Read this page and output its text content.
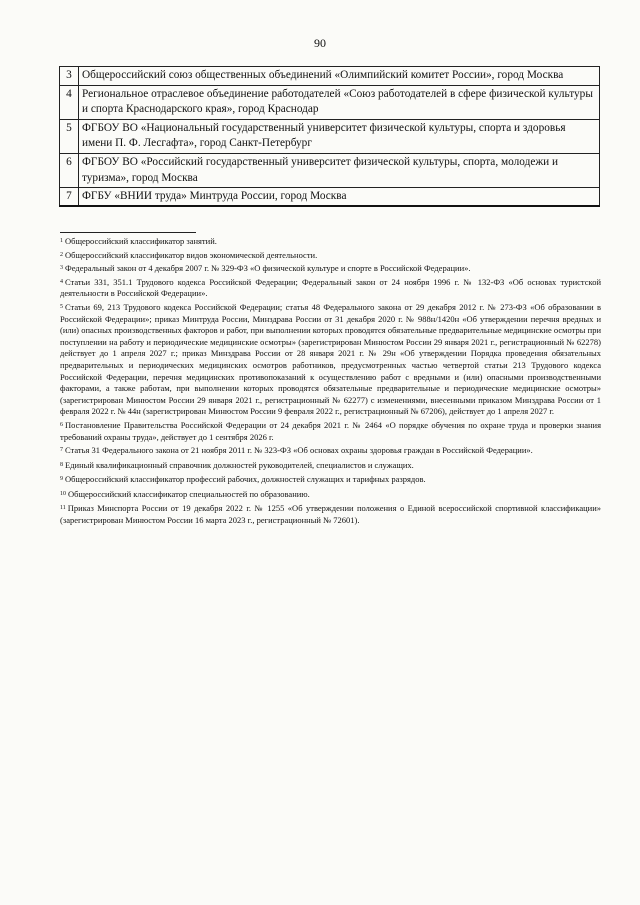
90
3	Общероссийский союз общественных объединений «Олимпийский комитет России», город Москва
4	Региональное отраслевое объединение работодателей «Союз работодателей в сфере физической культуры и спорта Краснодарского края», город Краснодар
5	ФГБОУ ВО «Национальный государственный университет физической культуры, спорта и здоровья имени П. Ф. Лесгафта», город Санкт-Петербург
6	ФГБОУ ВО «Российский государственный университет физической культуры, спорта, молодежи и туризма», город Москва
7	ФГБУ «ВНИИ труда» Минтруда России, город Москва

$^1$ Общероссийский классификатор занятий.

$^2$ Общероссийский классификатор видов экономической деятельности.

$^3$ Федеральный закон от 4 декабря 2007 г. № 329-ФЗ «О физической культуре и спорте в Российской Федерации».

$^4$ Статьи 331, 351.1 Трудового кодекса Российской Федерации; Федеральный закон от 24 ноября 1996 г. № 132-ФЗ «Об основах туристской деятельности в Российской Федерации».

$^5$ Статьи 69, 213 Трудового кодекса Российской Федерации; статья 48 Федерального закона от 29 декабря 2012 г. № 273-ФЗ «Об образовании в Российской Федерации»; приказ Минтруда России, Минздрава России от 31 декабря 2020 г. № 988н/1420н «Об утверждении перечня вредных и (или) опасных производственных факторов и работ, при выполнении которых проводятся обязательные предварительные медицинские осмотры при поступлении на работу и периодические медицинские осмотры» (зарегистрирован Минюстом России 29 января 2021 г., регистрационный № 62278) действует до 1 апреля 2027 г.; приказ Минздрава России от 28 января 2021 г. № 29н «Об утверждении Порядка проведения обязательных предварительных и периодических медицинских осмотров работников, предусмотренных частью четвертой статьи 213 Трудового кодекса Российской Федерации, перечня медицинских противопоказаний к осуществлению работ с вредными и (или) опасными производственными факторами, а также работам, при выполнении которых проводятся обязательные предварительные и периодические медицинские осмотры» (зарегистрирован Минюстом России 29 января 2021 г., регистрационный № 62277) с изменениями, внесенными приказом Минздрава России от 1 февраля 2022 г. № 44н (зарегистрирован Минюстом России 9 февраля 2022 г., регистрационный № 67206), действует до 1 апреля 2027 г.

$^6$ Постановление Правительства Российской Федерации от 24 декабря 2021 г. № 2464 «О порядке обучения по охране труда и проверки знания требований охраны труда», действует до 1 сентября 2026 г.

$^7$ Статья 31 Федерального закона от 21 ноября 2011 г. № 323-ФЗ «Об основах охраны здоровья граждан в Российской Федерации».

$^8$ Единый квалификационный справочник должностей руководителей, специалистов и служащих.

$^9$ Общероссийский классификатор профессий рабочих, должностей служащих и тарифных разрядов.

$^{10}$ Общероссийский классификатор специальностей по образованию.

$^{11}$ Приказ Минспорта России от 19 декабря 2022 г. № 1255 «Об утверждении положения о Единой всероссийской спортивной классификации» (зарегистрирован Минюстом России 16 марта 2023 г., регистрационный № 72601).
